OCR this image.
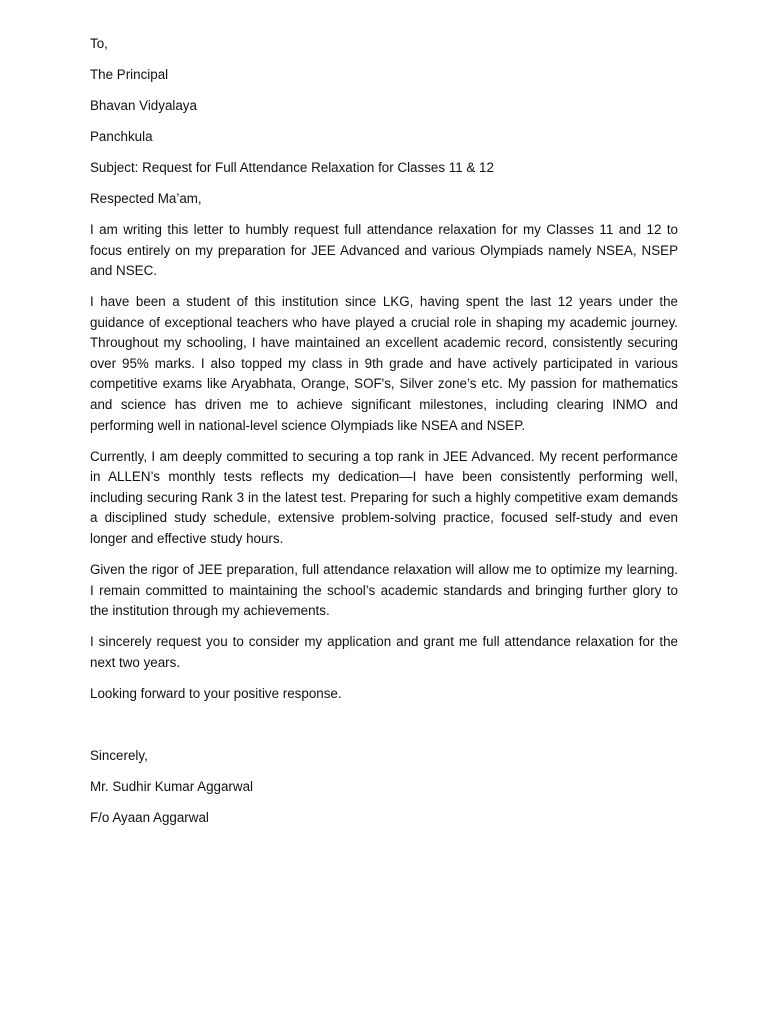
To,
The Principal
Bhavan Vidyalaya
Panchkula
Subject: Request for Full Attendance Relaxation for Classes 11 & 12
Respected Ma’am,

I am writing this letter to humbly request full attendance relaxation for my Classes 11 and 12 to focus entirely on my preparation for JEE Advanced and various Olympiads namely NSEA, NSEP and NSEC.

I have been a student of this institution since LKG, having spent the last 12 years under the guidance of exceptional teachers who have played a crucial role in shaping my academic journey. Throughout my schooling, I have maintained an excellent academic record, consistently securing over 95% marks. I also topped my class in 9th grade and have actively participated in various competitive exams like Aryabhata, Orange, SOF's, Silver zone’s etc. My passion for mathematics and science has driven me to achieve significant milestones, including clearing INMO and performing well in national-level science Olympiads like NSEA and NSEP.

Currently, I am deeply committed to securing a top rank in JEE Advanced. My recent performance in ALLEN’s monthly tests reflects my dedication—I have been consistently performing well, including securing Rank 3 in the latest test. Preparing for such a highly competitive exam demands a disciplined study schedule, extensive problem-solving practice, focused self-study and even longer and effective study hours.

Given the rigor of JEE preparation, full attendance relaxation will allow me to optimize my learning. I remain committed to maintaining the school’s academic standards and bringing further glory to the institution through my achievements.

I sincerely request you to consider my application and grant me full attendance relaxation for the next two years.

Looking forward to your positive response.

Sincerely,
Mr. Sudhir Kumar Aggarwal
F/o Ayaan Aggarwal
